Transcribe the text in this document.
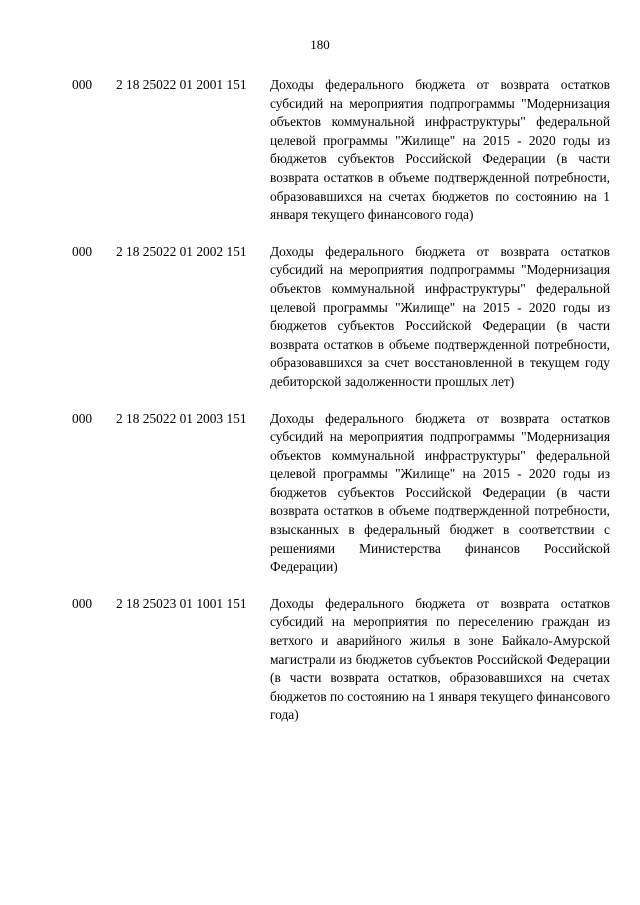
180
000	2 18 25022 01 2001 151	Доходы федерального бюджета от возврата остатков субсидий на мероприятия подпрограммы "Модернизация объектов коммунальной инфраструктуры" федеральной целевой программы "Жилище" на 2015 - 2020 годы из бюджетов субъектов Российской Федерации (в части возврата остатков в объеме подтвержденной потребности, образовавшихся на счетах бюджетов по состоянию на 1 января текущего финансового года)
000	2 18 25022 01 2002 151	Доходы федерального бюджета от возврата остатков субсидий на мероприятия подпрограммы "Модернизация объектов коммунальной инфраструктуры" федеральной целевой программы "Жилище" на 2015 - 2020 годы из бюджетов субъектов Российской Федерации (в части возврата остатков в объеме подтвержденной потребности, образовавшихся за счет восстановленной в текущем году дебиторской задолженности прошлых лет)
000	2 18 25022 01 2003 151	Доходы федерального бюджета от возврата остатков субсидий на мероприятия подпрограммы "Модернизация объектов коммунальной инфраструктуры" федеральной целевой программы "Жилище" на 2015 - 2020 годы из бюджетов субъектов Российской Федерации (в части возврата остатков в объеме подтвержденной потребности, взысканных в федеральный бюджет в соответствии с решениями Министерства финансов Российской Федерации)
000	2 18 25023 01 1001 151	Доходы федерального бюджета от возврата остатков субсидий на мероприятия по переселению граждан из ветхого и аварийного жилья в зоне Байкало-Амурской магистрали из бюджетов субъектов Российской Федерации (в части возврата остатков, образовавшихся на счетах бюджетов по состоянию на 1 января текущего финансового года)
